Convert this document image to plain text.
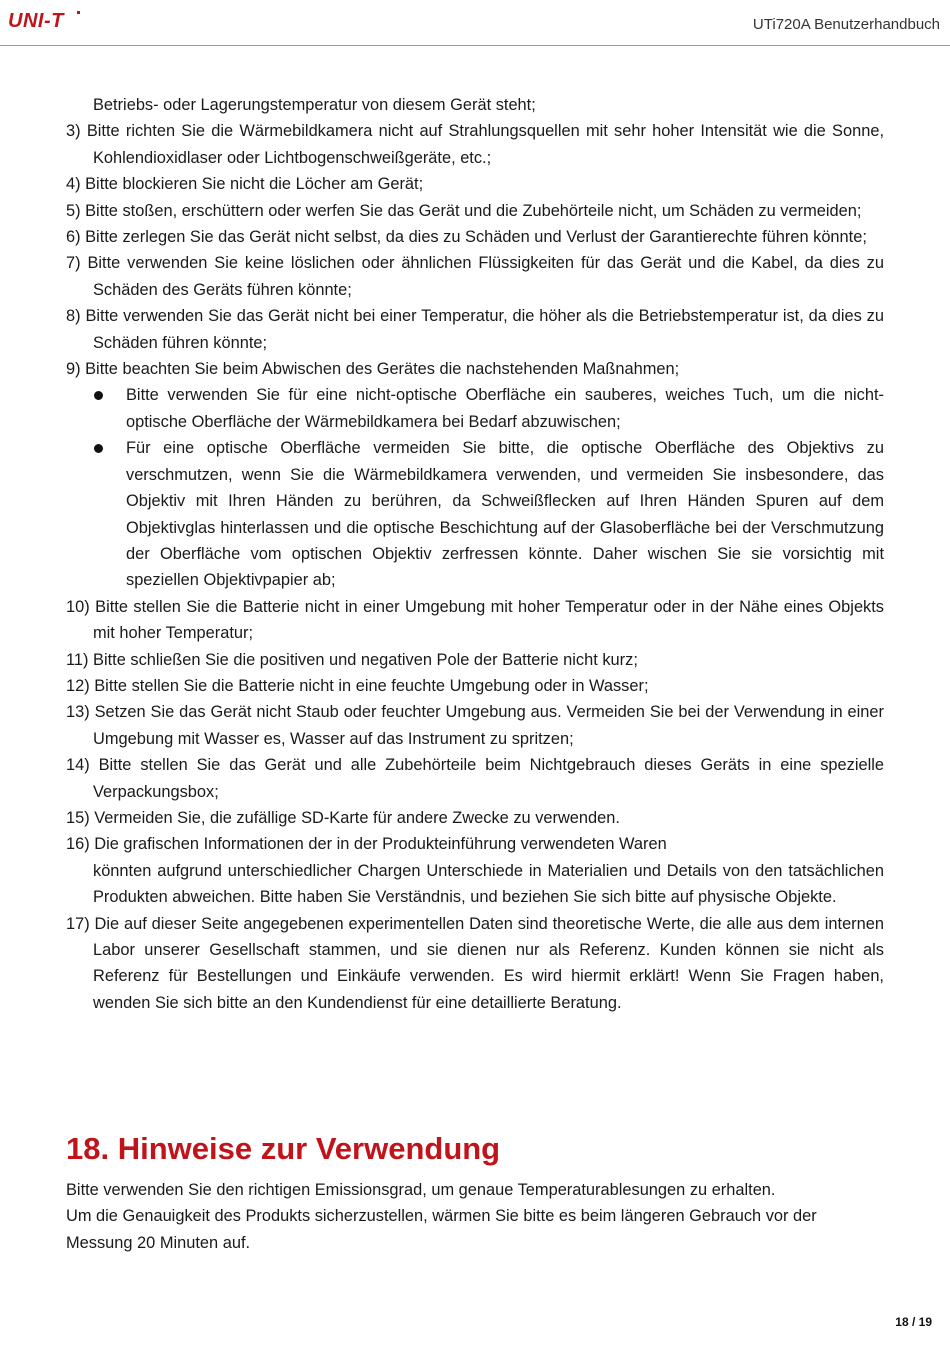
UNI-T	UTi720A Benutzerhandbuch

Betriebs- oder Lagerungstemperatur von diesem Gerät steht;

3) Bitte richten Sie die Wärmebildkamera nicht auf Strahlungsquellen mit sehr hoher Intensität wie die Sonne, Kohlendioxidlaser oder Lichtbogenschweißgeräte, etc.;

4) Bitte blockieren Sie nicht die Löcher am Gerät;

5) Bitte stoßen, erschüttern oder werfen Sie das Gerät und die Zubehörteile nicht, um Schäden zu vermeiden;

6) Bitte zerlegen Sie das Gerät nicht selbst, da dies zu Schäden und Verlust der Garantierechte führen könnte;

7) Bitte verwenden Sie keine löslichen oder ähnlichen Flüssigkeiten für das Gerät und die Kabel, da dies zu Schäden des Geräts führen könnte;

8) Bitte verwenden Sie das Gerät nicht bei einer Temperatur, die höher als die Betriebstemperatur ist, da dies zu Schäden führen könnte;

9) Bitte beachten Sie beim Abwischen des Gerätes die nachstehenden Maßnahmen;

Bitte verwenden Sie für eine nicht-optische Oberfläche ein sauberes, weiches Tuch, um die nicht-optische Oberfläche der Wärmebildkamera bei Bedarf abzuwischen;
Für eine optische Oberfläche vermeiden Sie bitte, die optische Oberfläche des Objektivs zu verschmutzen, wenn Sie die Wärmebildkamera verwenden, und vermeiden Sie insbesondere, das Objektiv mit Ihren Händen zu berühren, da Schweißflecken auf Ihren Händen Spuren auf dem Objektivglas hinterlassen und die optische Beschichtung auf der Glasoberfläche bei der Verschmutzung der Oberfläche vom optischen Objektiv zerfressen könnte. Daher wischen Sie sie vorsichtig mit speziellen Objektivpapier ab;

10) Bitte stellen Sie die Batterie nicht in einer Umgebung mit hoher Temperatur oder in der Nähe eines Objekts mit hoher Temperatur;

11) Bitte schließen Sie die positiven und negativen Pole der Batterie nicht kurz;

12) Bitte stellen Sie die Batterie nicht in eine feuchte Umgebung oder in Wasser;

13) Setzen Sie das Gerät nicht Staub oder feuchter Umgebung aus. Vermeiden Sie bei der Verwendung in einer Umgebung mit Wasser es, Wasser auf das Instrument zu spritzen;

14) Bitte stellen Sie das Gerät und alle Zubehörteile beim Nichtgebrauch dieses Geräts in eine spezielle Verpackungsbox;

15) Vermeiden Sie, die zufällige SD-Karte für andere Zwecke zu verwenden.

16) Die grafischen Informationen der in der Produkteinführung verwendeten Waren

könnten aufgrund unterschiedlicher Chargen Unterschiede in Materialien und Details von den tatsächlichen Produkten abweichen. Bitte haben Sie Verständnis, und beziehen Sie sich bitte auf physische Objekte.

17) Die auf dieser Seite angegebenen experimentellen Daten sind theoretische Werte, die alle aus dem internen Labor unserer Gesellschaft stammen, und sie dienen nur als Referenz. Kunden können sie nicht als Referenz für Bestellungen und Einkäufe verwenden. Es wird hiermit erklärt! Wenn Sie Fragen haben, wenden Sie sich bitte an den Kundendienst für eine detaillierte Beratung.

18. Hinweise zur Verwendung

Bitte verwenden Sie den richtigen Emissionsgrad, um genaue Temperaturablesungen zu erhalten.

Um die Genauigkeit des Produkts sicherzustellen, wärmen Sie bitte es beim längeren Gebrauch vor der Messung 20 Minuten auf.

18 / 19
